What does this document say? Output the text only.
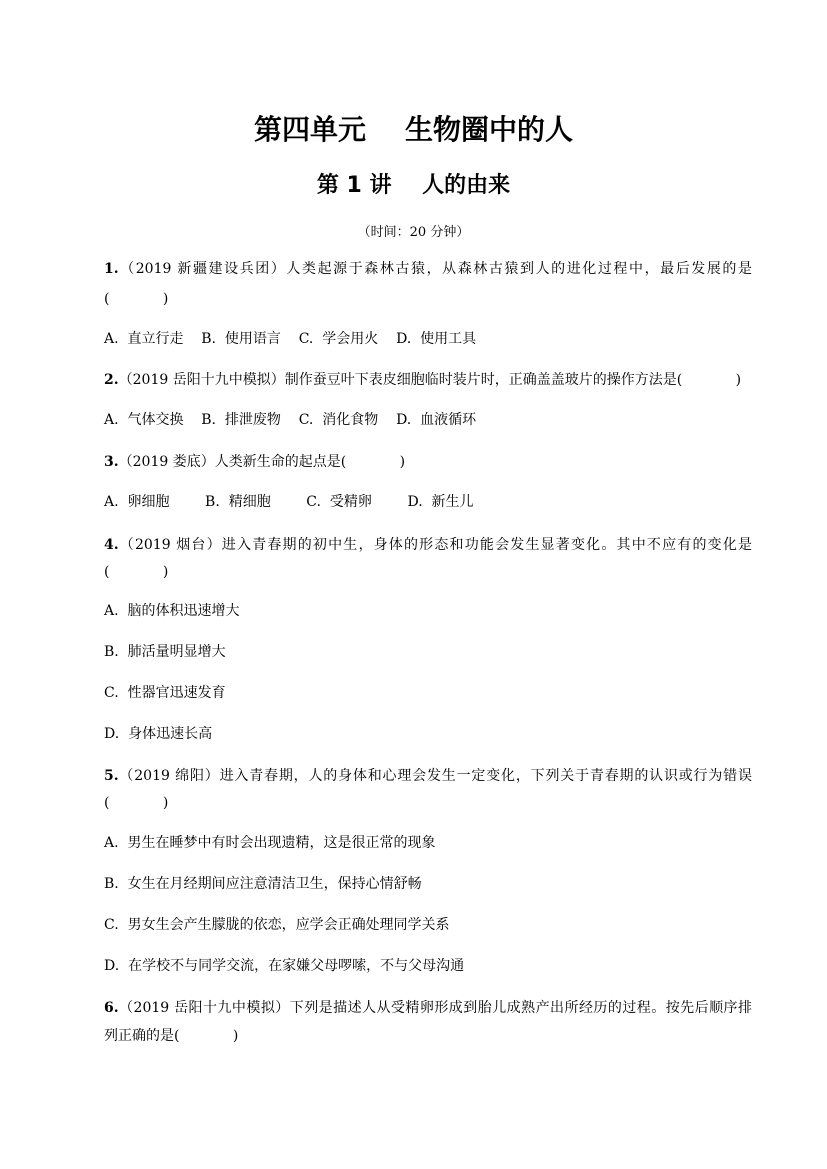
第四单元    生物圈中的人
第 1 讲    人的由来
（时间：20 分钟）
1.（2019 新疆建设兵团）人类起源于森林古猿，从森林古猿到人的进化过程中，最后发展的是
(            )
A.  直立行走    B.  使用语言    C.  学会用火    D.  使用工具
2.（2019 岳阳十九中模拟）制作蚕豆叶下表皮细胞临时装片时，正确盖盖玻片的操作方法是(            )
A.  气体交换    B.  排泄废物    C.  消化食物    D.  血液循环
3.（2019 娄底）人类新生命的起点是(            )
A.  卵细胞        B.  精细胞        C.  受精卵        D.  新生儿
4.（2019 烟台）进入青春期的初中生，身体的形态和功能会发生显著变化。其中不应有的变化是
(            )
A.  脑的体积迅速增大
B.  肺活量明显增大
C.  性器官迅速发育
D.  身体迅速长高
5.（2019 绵阳）进入青春期，人的身体和心理会发生一定变化，下列关于青春期的认识或行为错误
(            )
A.  男生在睡梦中有时会出现遗精，这是很正常的现象
B.  女生在月经期间应注意清洁卫生，保持心情舒畅
C.  男女生会产生朦胧的依恋，应学会正确处理同学关系
D.  在学校不与同学交流，在家嫌父母啰嗦，不与父母沟通
6.（2019 岳阳十九中模拟）下列是描述人从受精卵形成到胎儿成熟产出所经历的过程。按先后顺序排
列正确的是(            )
